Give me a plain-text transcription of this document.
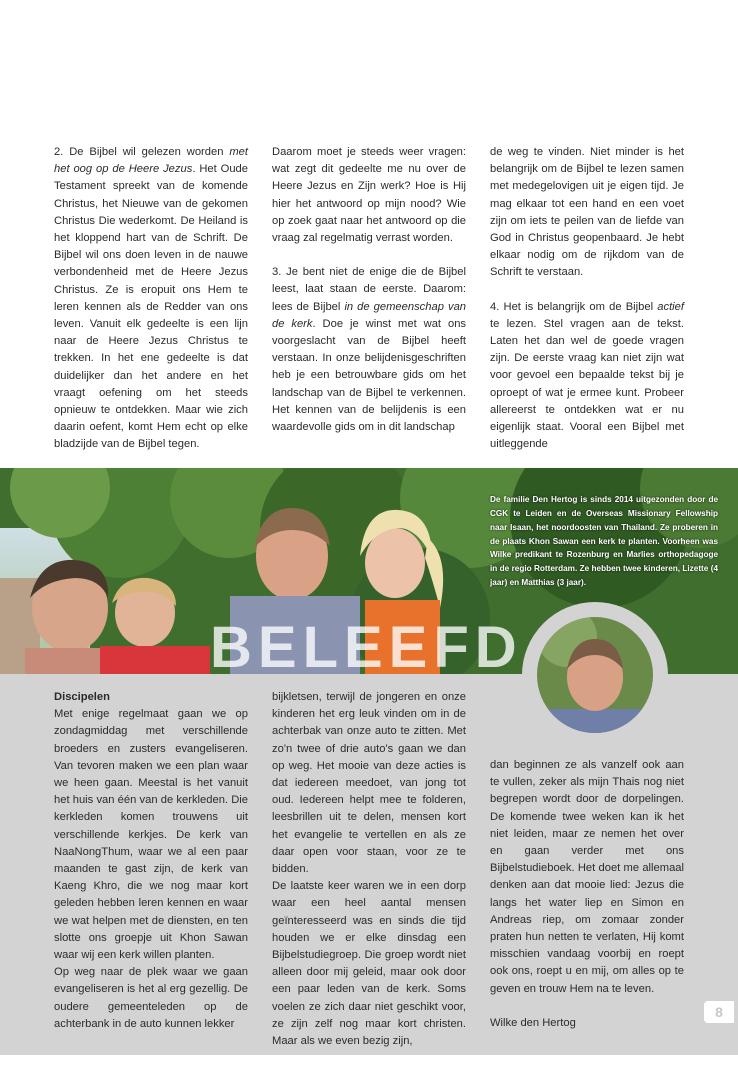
2. De Bijbel wil gelezen worden met het oog op de Heere Jezus. Het Oude Testament spreekt van de komende Christus, het Nieuwe van de gekomen Christus Die wederkomt. De Heiland is het kloppend hart van de Schrift. De Bijbel wil ons doen leven in de nauwe verbondenheid met de Heere Jezus Christus. Ze is eropuit ons Hem te leren kennen als de Redder van ons leven. Vanuit elk gedeelte is een lijn naar de Heere Jezus Christus te trekken. In het ene gedeelte is dat duidelijker dan het andere en het vraagt oefening om het steeds opnieuw te ontdekken. Maar wie zich daarin oefent, komt Hem echt op elke bladzijde van de Bijbel tegen.

Daarom moet je steeds weer vragen: wat zegt dit gedeelte me nu over de Heere Jezus en Zijn werk? Hoe is Hij hier het antwoord op mijn nood? Wie op zoek gaat naar het antwoord op die vraag zal regelmatig verrast worden.

3. Je bent niet de enige die de Bijbel leest, laat staan de eerste. Daarom: lees de Bijbel in de gemeenschap van de kerk. Doe je winst met wat ons voorgeslacht van de Bijbel heeft verstaan. In onze belijdenisgeschriften heb je een betrouwbare gids om het landschap van de Bijbel te verkennen. Het kennen van de belijdenis is een waardevolle gids om in dit landschap

de weg te vinden. Niet minder is het belangrijk om de Bijbel te lezen samen met medegelovigen uit je eigen tijd. Je mag elkaar tot een hand en een voet zijn om iets te peilen van de liefde van God in Christus geopenbaard. Je hebt elkaar nodig om de rijkdom van de Schrift te verstaan.

4. Het is belangrijk om de Bijbel actief te lezen. Stel vragen aan de tekst. Laten het dan wel de goede vragen zijn. De eerste vraag kan niet zijn wat voor gevoel een bepaalde tekst bij je oproept of wat je ermee kunt. Probeer allereerst te ontdekken wat er nu eigenlijk staat. Vooral een Bijbel met uitleggende

De familie Den Hertog is sinds 2014 uitgezonden door de CGK te Leiden en de Overseas Missionary Fellowship naar Isaan, het noordoosten van Thailand. Ze proberen in de plaats Khon Sawan een kerk te planten. Voorheen was Wilke predikant te Rozenburg en Marlies orthopedagoge in de regio Rotterdam. Ze hebben twee kinderen, Lizette (4 jaar) en Matthias (3 jaar).

BELEEFD

Discipelen

Met enige regelmaat gaan we op zondagmiddag met verschillende broeders en zusters evangeliseren. Van tevoren maken we een plan waar we heen gaan. Meestal is het vanuit het huis van één van de kerkleden. Die kerkleden komen trouwens uit verschillende kerkjes. De kerk van NaaNongThum, waar we al een paar maanden te gast zijn, de kerk van Kaeng Khro, die we nog maar kort geleden hebben leren kennen en waar we wat helpen met de diensten, en ten slotte ons groepje uit Khon Sawan waar wij een kerk willen planten.

Op weg naar de plek waar we gaan evangeliseren is het al erg gezellig. De oudere gemeenteleden op de achterbank in de auto kunnen lekker

bijkletsen, terwijl de jongeren en onze kinderen het erg leuk vinden om in de achterbak van onze auto te zitten. Met zo'n twee of drie auto's gaan we dan op weg. Het mooie van deze acties is dat iedereen meedoet, van jong tot oud. Iedereen helpt mee te folderen, leesbrillen uit te delen, mensen kort het evangelie te vertellen en als ze daar open voor staan, voor ze te bidden.

De laatste keer waren we in een dorp waar een heel aantal mensen geïnteresseerd was en sinds die tijd houden we er elke dinsdag een Bijbelstudiegroep. Die groep wordt niet alleen door mij geleid, maar ook door een paar leden van de kerk. Soms voelen ze zich daar niet geschikt voor, ze zijn zelf nog maar kort christen. Maar als we even bezig zijn,

dan beginnen ze als vanzelf ook aan te vullen, zeker als mijn Thais nog niet begrepen wordt door de dorpelingen. De komende twee weken kan ik het niet leiden, maar ze nemen het over en gaan verder met ons Bijbelstudieboek. Het doet me allemaal denken aan dat mooie lied: Jezus die langs het water liep en Simon en Andreas riep, om zomaar zonder praten hun netten te verlaten, Hij komt misschien vandaag voorbij en roept ook ons, roept u en mij, om alles op te geven en trouw Hem na te leven.

Wilke den Hertog

8
